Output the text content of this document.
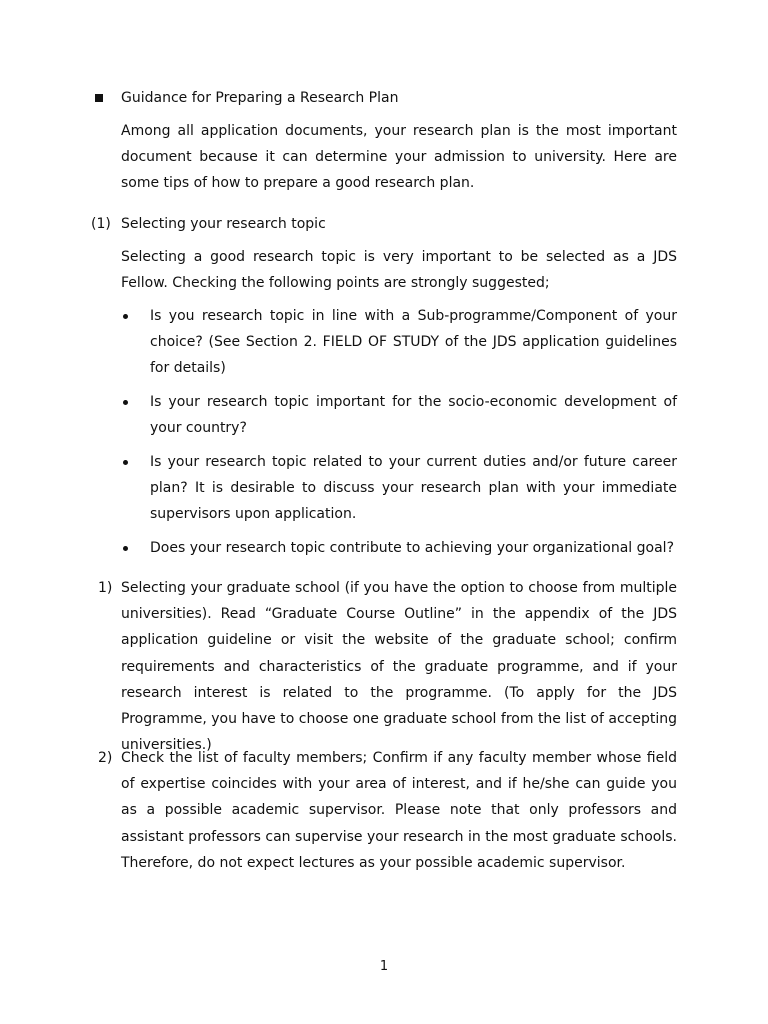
Guidance for Preparing a Research Plan

Among all application documents, your research plan is the most important document because it can determine your admission to university. Here are some tips of how to prepare a good research plan.

(1) Selecting your research topic

Selecting a good research topic is very important to be selected as a JDS Fellow. Checking the following points are strongly suggested;

Is you research topic in line with a Sub-programme/Component of your choice? (See Section 2. FIELD OF STUDY of the JDS application guidelines for details)

Is your research topic important for the socio-economic development of your country?

Is your research topic related to your current duties and/or future career plan? It is desirable to discuss your research plan with your immediate supervisors upon application.

Does your research topic contribute to achieving your organizational goal?

1) Selecting your graduate school (if you have the option to choose from multiple universities). Read “Graduate Course Outline” in the appendix of the JDS application guideline or visit the website of the graduate school; confirm requirements and characteristics of the graduate programme, and if your research interest is related to the programme. (To apply for the JDS Programme, you have to choose one graduate school from the list of accepting universities.)

2) Check the list of faculty members; Confirm if any faculty member whose field of expertise coincides with your area of interest, and if he/she can guide you as a possible academic supervisor. Please note that only professors and assistant professors can supervise your research in the most graduate schools. Therefore, do not expect lectures as your possible academic supervisor.

1
